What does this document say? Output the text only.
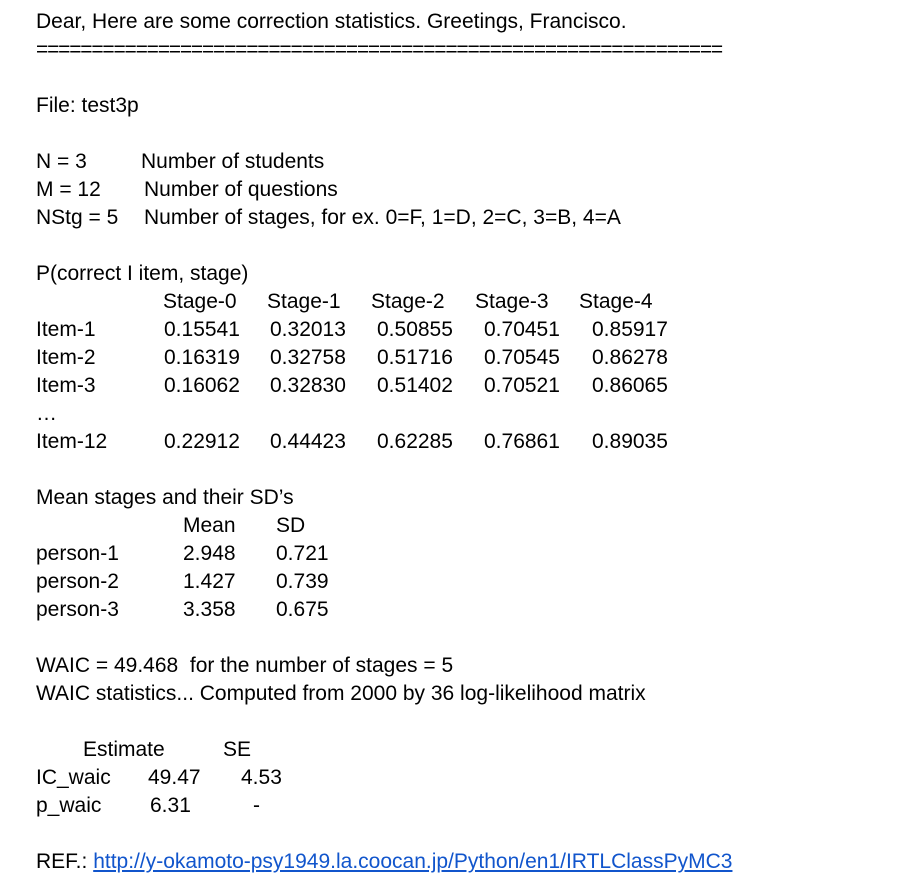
Dear, Here are some correction statistics. Greetings, Francisco.
==============================================================
File: test3p
N = 3	Number of students
M = 12 Number of questions
NStg = 5 Number of stages, for ex. 0=F, 1=D, 2=C, 3=B, 4=A
P(correct I item, stage)
Stage-0 Stage-1 Stage-2 Stage-3 Stage-4
Item-1	0.15541 0.32013 0.50855 0.70451 0.85917
Item-2	0.16319 0.32758 0.51716 0.70545 0.86278
Item-3	0.16062 0.32830 0.51402 0.70521 0.86065
…
Item-12	0.22912 0.44423 0.62285 0.76861 0.89035
Mean stages and their SD’s
Mean SD
person-1	2.948 0.721
person-2	1.427 0.739
person-3	3.358 0.675
WAIC = 49.468  for the number of stages = 5
WAIC statistics... Computed from 2000 by 36 log-likelihood matrix
Estimate	SE
IC_waic 49.47 4.53
p_waic 6.31	-
REF.: http://y-okamoto-psy1949.la.coocan.jp/Python/en1/IRTLClassPyMC3
